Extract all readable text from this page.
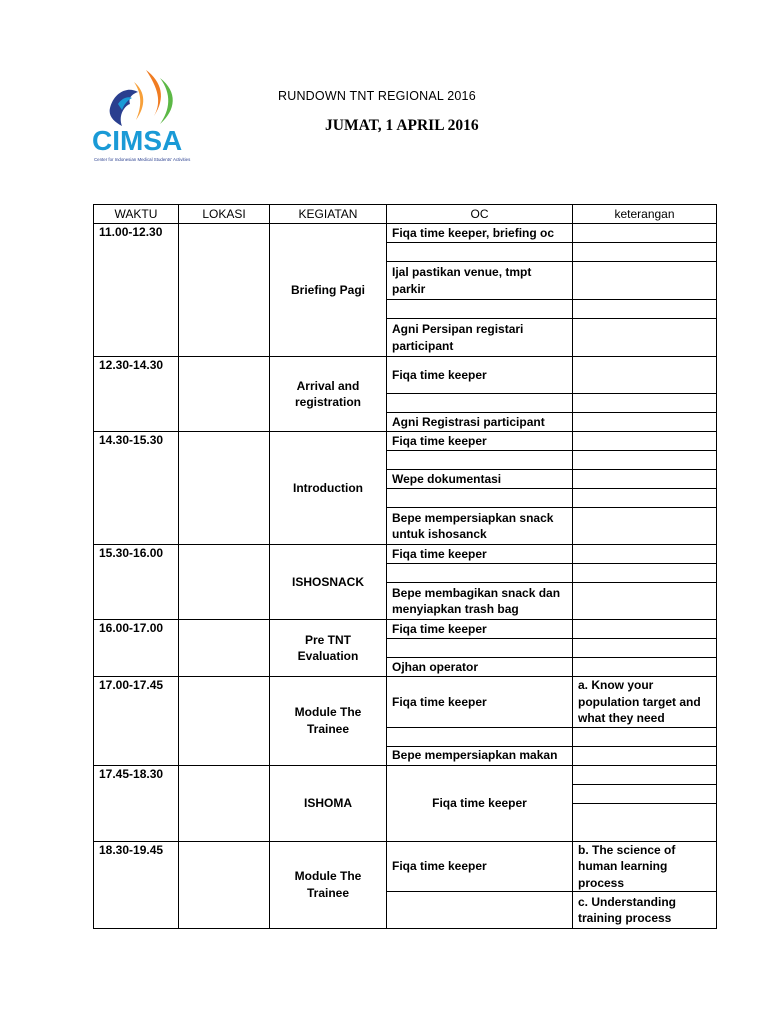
CIMSA
Center for Indonesian Medical Students' Activities
RUNDOWN TNT REGIONAL 2016
JUMAT, 1 APRIL 2016
WAKTU	LOKASI	KEGIATAN	OC	keterangan
11.00-12.30		Briefing Pagi	Fiqa time keeper, briefing oc	

			Ijal pastikan venue, tmpt parkir	

			Agni Persipan registari participant	
12.30-14.30		Arrival and registration	Fiqa time keeper	

			Agni Registrasi participant	
14.30-15.30		Introduction	Fiqa time keeper	

			Wepe dokumentasi	

			Bepe mempersiapkan snack untuk ishosanck	
15.30-16.00		ISHOSNACK	Fiqa time keeper	

			Bepe membagikan snack dan menyiapkan trash bag	
16.00-17.00		Pre TNT Evaluation	Fiqa time keeper	

			Ojhan operator	
17.00-17.45		Module The Trainee	Fiqa time keeper	a. Know your population target and what they need

			Bepe mempersiapkan makan	
17.45-18.30		ISHOMA	Fiqa time keeper	

18.30-19.45		Module The Trainee	Fiqa time keeper	b. The science of human learning process
				c. Understanding training process
